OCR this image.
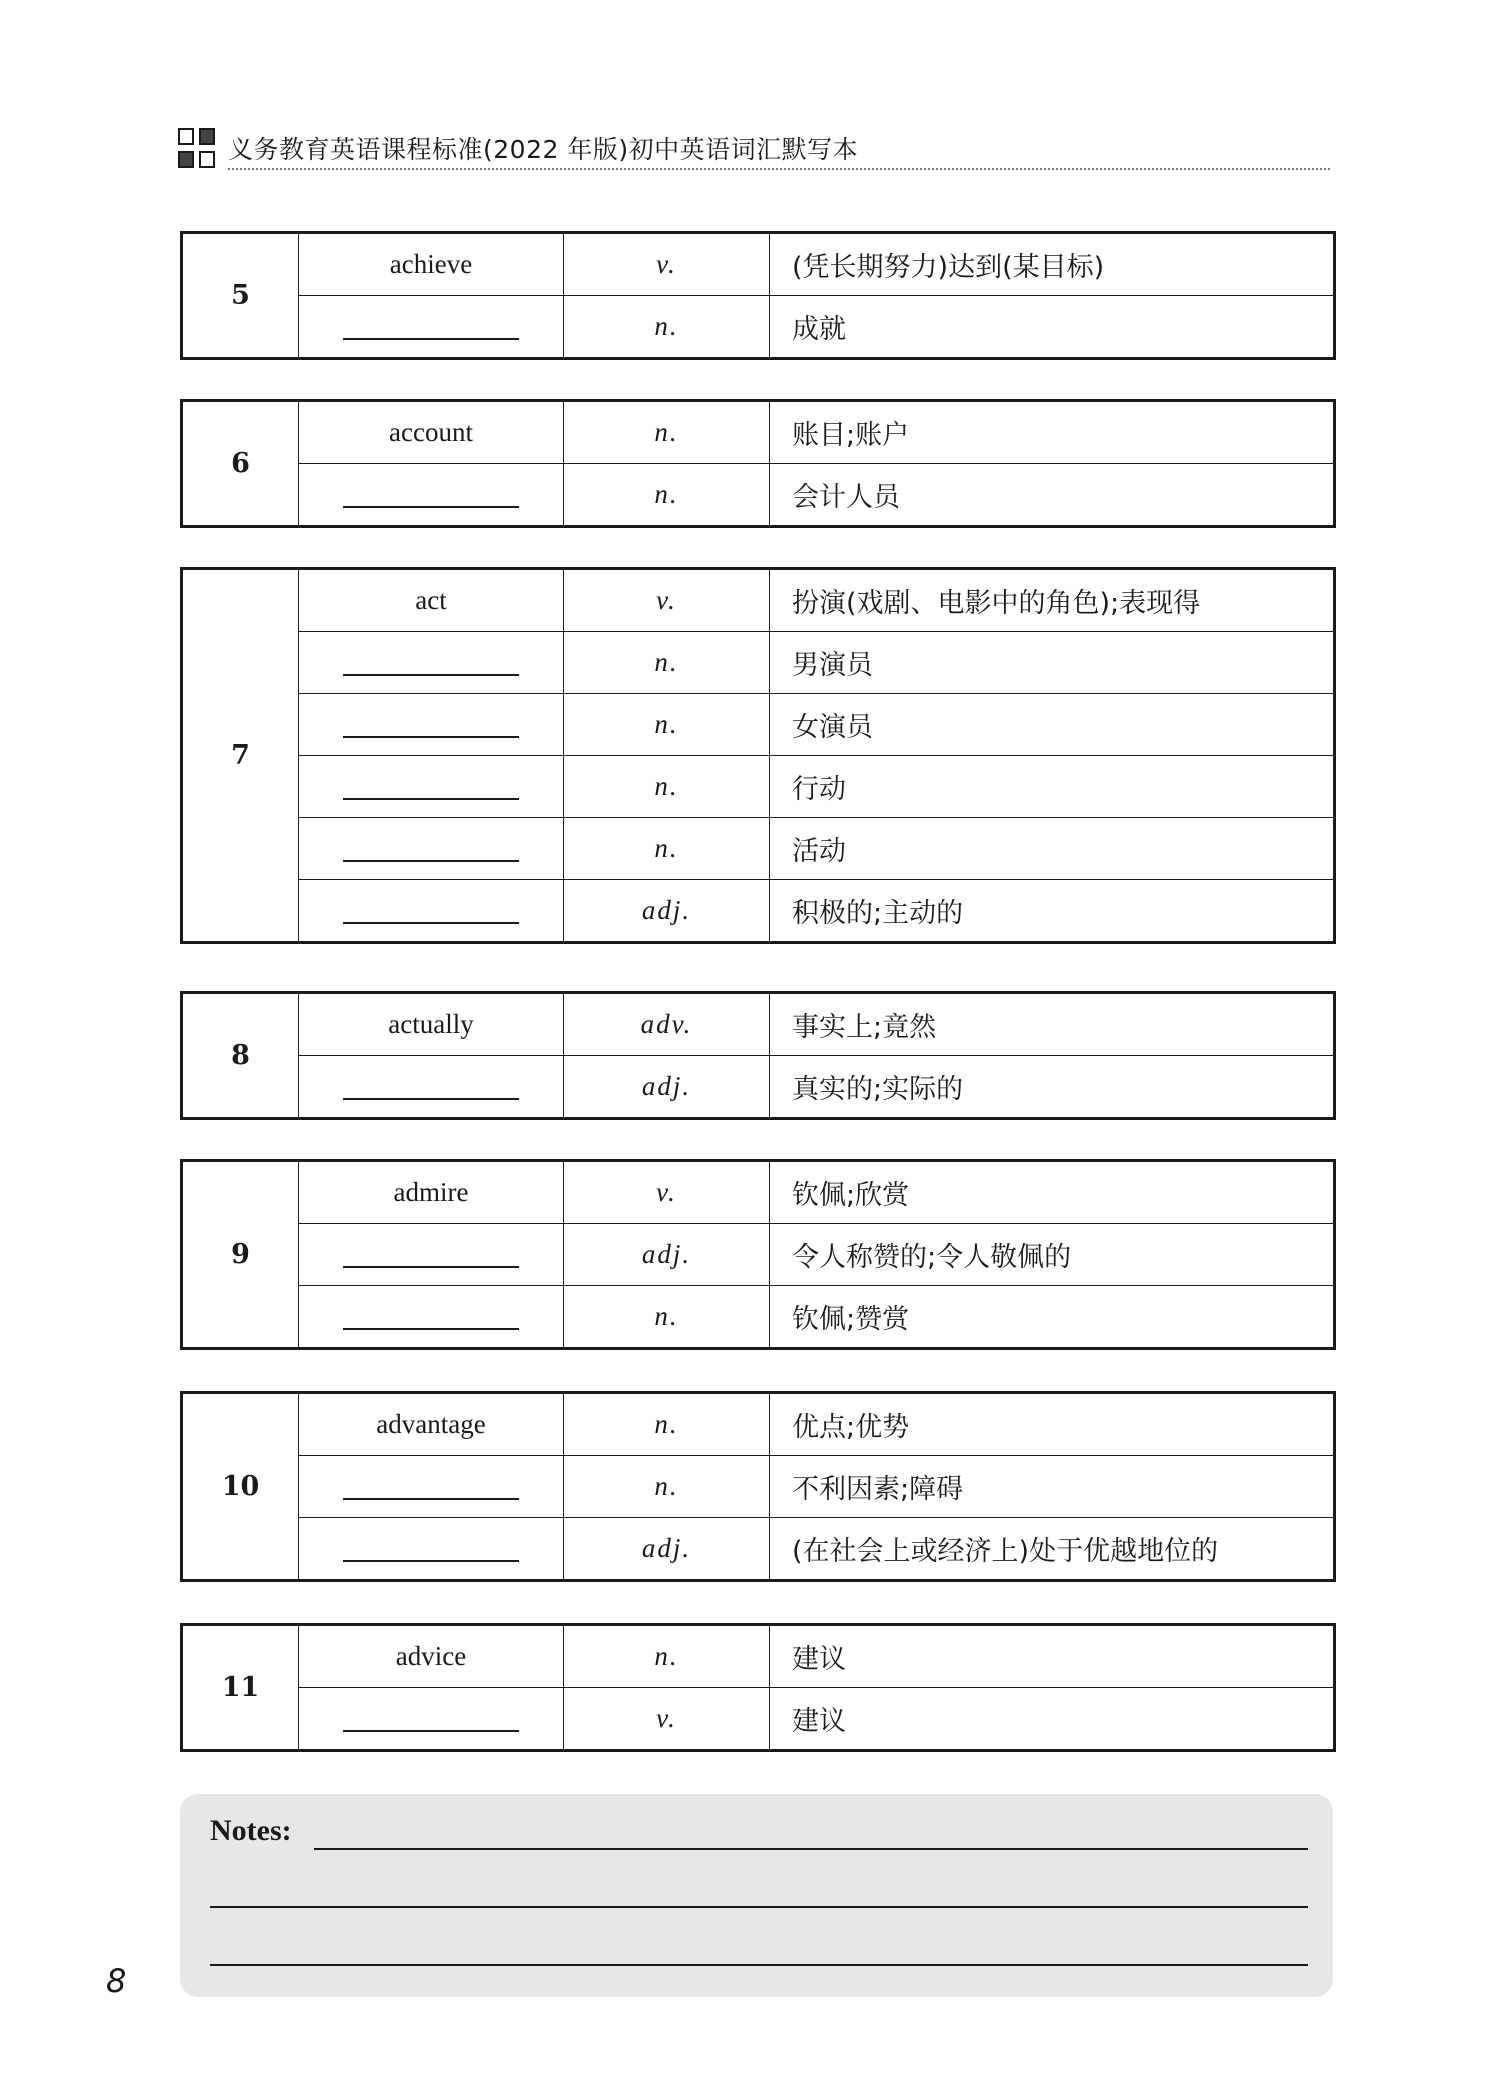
义务教育英语课程标准(2022 年版)初中英语词汇默写本
5	achieve	v.	(凭长期努力)达到(某目标)

		n.	成就
6	account	n.	账目;账户

		n.	会计人员
7	act	v.	扮演(戏剧、电影中的角色);表现得

		n.	男演员

		n.	女演员

		n.	行动

		n.	活动

		adj.	积极的;主动的
8	actually	adv.	事实上;竟然

		adj.	真实的;实际的
9	admire	v.	钦佩;欣赏

		adj.	令人称赞的;令人敬佩的

		n.	钦佩;赞赏
10	advantage	n.	优点;优势

		n.	不利因素;障碍

		adj.	(在社会上或经济上)处于优越地位的
11	advice	n.	建议

		v.	建议
Notes:
8
